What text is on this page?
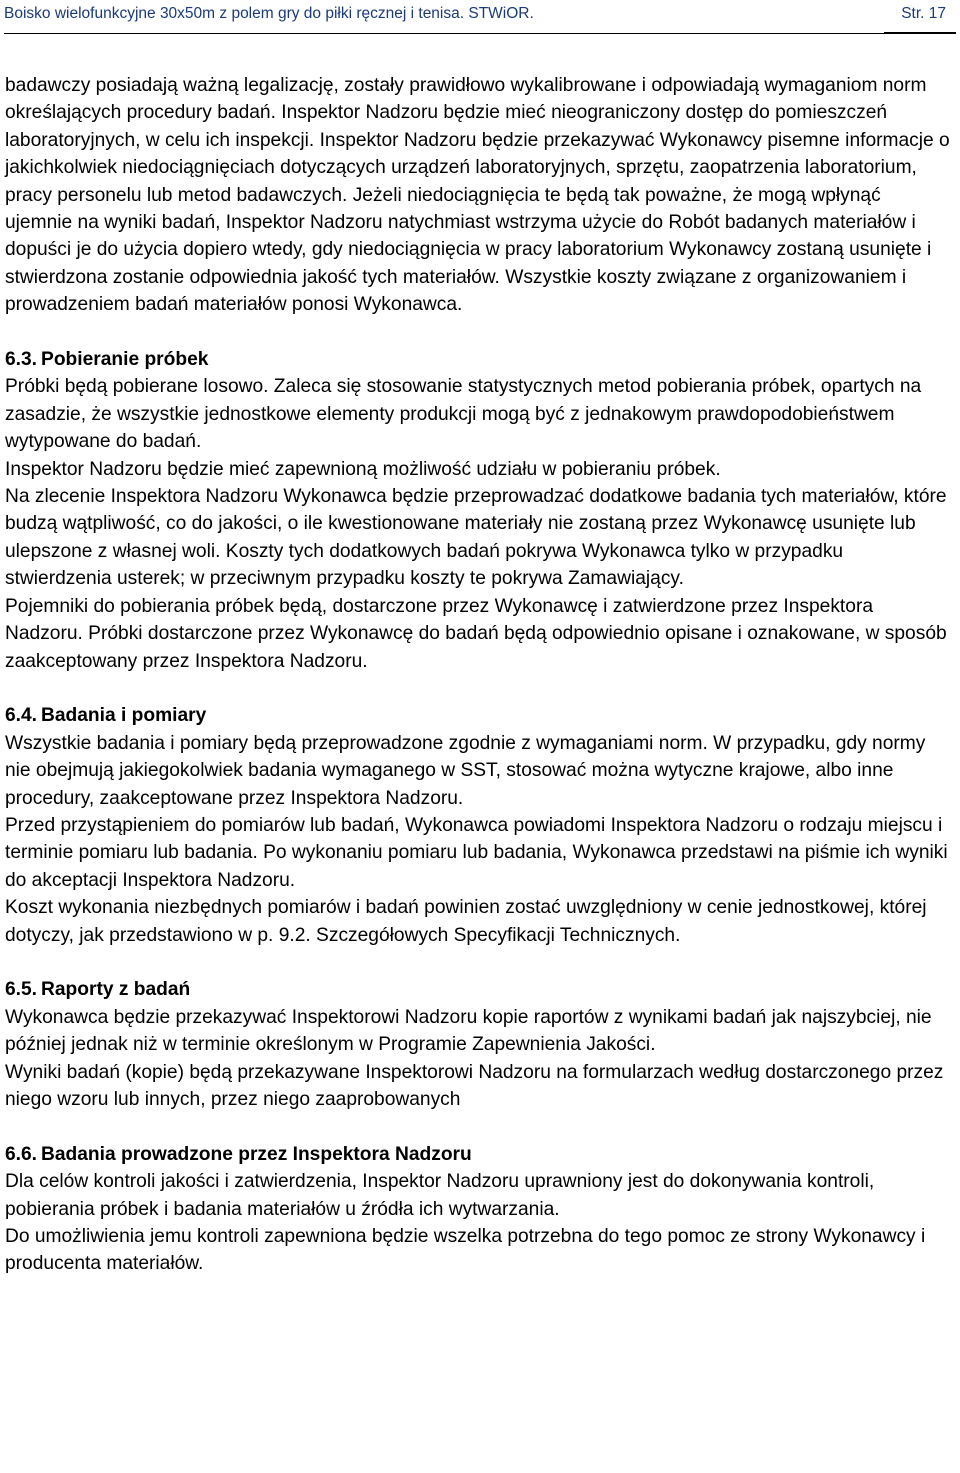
Boisko wielofunkcyjne 30x50m z polem gry do piłki ręcznej i tenisa. STWiOR.	Str. 17

badawczy posiadają ważną legalizację, zostały prawidłowo wykalibrowane i odpowiadają wymaganiom norm określających procedury badań. Inspektor Nadzoru będzie mieć nieograniczony dostęp do pomieszczeń laboratoryjnych, w celu ich inspekcji. Inspektor Nadzoru będzie przekazywać Wykonawcy pisemne informacje o jakichkolwiek niedociągnięciach dotyczących urządzeń laboratoryjnych, sprzętu, zaopatrzenia laboratorium, pracy personelu lub metod badawczych. Jeżeli niedociągnięcia te będą tak poważne, że mogą wpłynąć ujemnie na wyniki badań, Inspektor Nadzoru natychmiast wstrzyma użycie do Robót badanych materiałów i dopuści je do użycia dopiero wtedy, gdy niedociągnięcia w pracy laboratorium Wykonawcy zostaną usunięte i stwierdzona zostanie odpowiednia jakość tych materiałów. Wszystkie koszty związane z organizowaniem i prowadzeniem badań materiałów ponosi Wykonawca.

6.3. Pobieranie próbek

Próbki będą pobierane losowo. Zaleca się stosowanie statystycznych metod pobierania próbek, opartych na zasadzie, że wszystkie jednostkowe elementy produkcji mogą być z jednakowym prawdopodobieństwem wytypowane do badań.

Inspektor Nadzoru będzie mieć zapewnioną możliwość udziału w pobieraniu próbek.

Na zlecenie Inspektora Nadzoru Wykonawca będzie przeprowadzać dodatkowe badania tych materiałów, które budzą wątpliwość, co do jakości, o ile kwestionowane materiały nie zostaną przez Wykonawcę usunięte lub ulepszone z własnej woli. Koszty tych dodatkowych badań pokrywa Wykonawca tylko w przypadku stwierdzenia usterek; w przeciwnym przypadku koszty te pokrywa Zamawiający.

Pojemniki do pobierania próbek będą, dostarczone przez Wykonawcę i zatwierdzone przez Inspektora Nadzoru. Próbki dostarczone przez Wykonawcę do badań będą odpowiednio opisane i oznakowane, w sposób zaakceptowany przez Inspektora Nadzoru.

6.4. Badania i pomiary

Wszystkie badania i pomiary będą przeprowadzone zgodnie z wymaganiami norm. W przypadku, gdy normy nie obejmują jakiegokolwiek badania wymaganego w SST, stosować można wytyczne krajowe, albo inne procedury, zaakceptowane przez Inspektora Nadzoru.

Przed przystąpieniem do pomiarów lub badań, Wykonawca powiadomi Inspektora Nadzoru o rodzaju miejscu i terminie pomiaru lub badania. Po wykonaniu pomiaru lub badania, Wykonawca przedstawi na piśmie ich wyniki do akceptacji Inspektora Nadzoru.

Koszt wykonania niezbędnych pomiarów i badań powinien zostać uwzględniony w cenie jednostkowej, której dotyczy, jak przedstawiono w p. 9.2. Szczegółowych Specyfikacji Technicznych.

6.5. Raporty z badań

Wykonawca będzie przekazywać Inspektorowi Nadzoru kopie raportów z wynikami badań jak najszybciej, nie później jednak niż w terminie określonym w Programie Zapewnienia Jakości.

Wyniki badań (kopie) będą przekazywane Inspektorowi Nadzoru na formularzach według dostarczonego przez niego wzoru lub innych, przez niego zaaprobowanych

6.6. Badania prowadzone przez Inspektora Nadzoru

Dla celów kontroli jakości i zatwierdzenia, Inspektor Nadzoru uprawniony jest do dokonywania kontroli, pobierania próbek i badania materiałów u źródła ich wytwarzania.

Do umożliwienia jemu kontroli zapewniona będzie wszelka potrzebna do tego pomoc ze strony Wykonawcy i producenta materiałów.
